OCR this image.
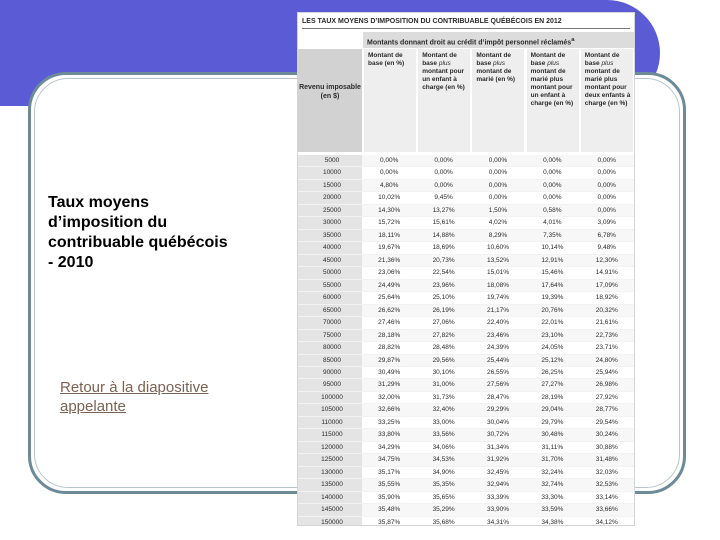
Taux moyens d’imposition du contribuable québécois - 2010
Retour à la diapositive appelante
LES TAUX MOYENS D’IMPOSITION DU CONTRIBUABLE QUÉBÉCOIS EN 2012
Montants donnant droit au crédit d’impôt personnel réclamés$^a$
Revenu imposable (en $)
Montant de base (en %)
Montant de base plus montant pour un enfant à charge (en %)
Montant de base plus montant de marié (en %)
Montant de base plus montant de marié plus montant pour un enfant à charge (en %)
Montant de base plus montant de marié plus montant pour deux enfants à charge (en %)
5000	0,00%	0,00%	0,00%	0,00%	0,00%
10000	0,00%	0,00%	0,00%	0,00%	0,00%
15000	4,80%	0,00%	0,00%	0,00%	0,00%
20000	10,02%	9,45%	0,00%	0,00%	0,00%
25000	14,30%	13,27%	1,50%	0,58%	0,00%
30000	15,72%	15,61%	4,02%	4,01%	3,09%
35000	18,11%	14,88%	8,29%	7,35%	6,78%
40000	19,67%	18,69%	10,60%	10,14%	9,48%
45000	21,36%	20,73%	13,52%	12,91%	12,30%
50000	23,06%	22,54%	15,01%	15,46%	14,91%
55000	24,49%	23,96%	18,08%	17,64%	17,09%
60000	25,64%	25,10%	19,74%	19,39%	18,92%
65000	26,62%	26,19%	21,17%	20,76%	20,32%
70000	27,46%	27,06%	22,40%	22,01%	21,61%
75000	28,18%	27,82%	23,46%	23,10%	22,73%
80000	28,82%	28,48%	24,39%	24,05%	23,71%
85000	29,87%	29,56%	25,44%	25,12%	24,80%
90000	30,49%	30,10%	26,55%	26,25%	25,94%
95000	31,29%	31,00%	27,56%	27,27%	26,98%
100000	32,00%	31,73%	28,47%	28,19%	27,92%
105000	32,66%	32,40%	29,29%	29,04%	28,77%
110000	33,25%	33,00%	30,04%	29,79%	29,54%
115000	33,80%	33,56%	30,72%	30,48%	30,24%
120000	34,29%	34,06%	31,34%	31,11%	30,88%
125000	34,75%	34,53%	31,92%	31,70%	31,48%
130000	35,17%	34,90%	32,45%	32,24%	32,03%
135000	35,55%	35,35%	32,94%	32,74%	32,53%
140000	35,90%	35,65%	33,39%	33,30%	33,14%
145000	35,48%	35,29%	33,90%	33,59%	33,66%
150000	35,87%	35,68%	34,31%	34,38%	34,12%
